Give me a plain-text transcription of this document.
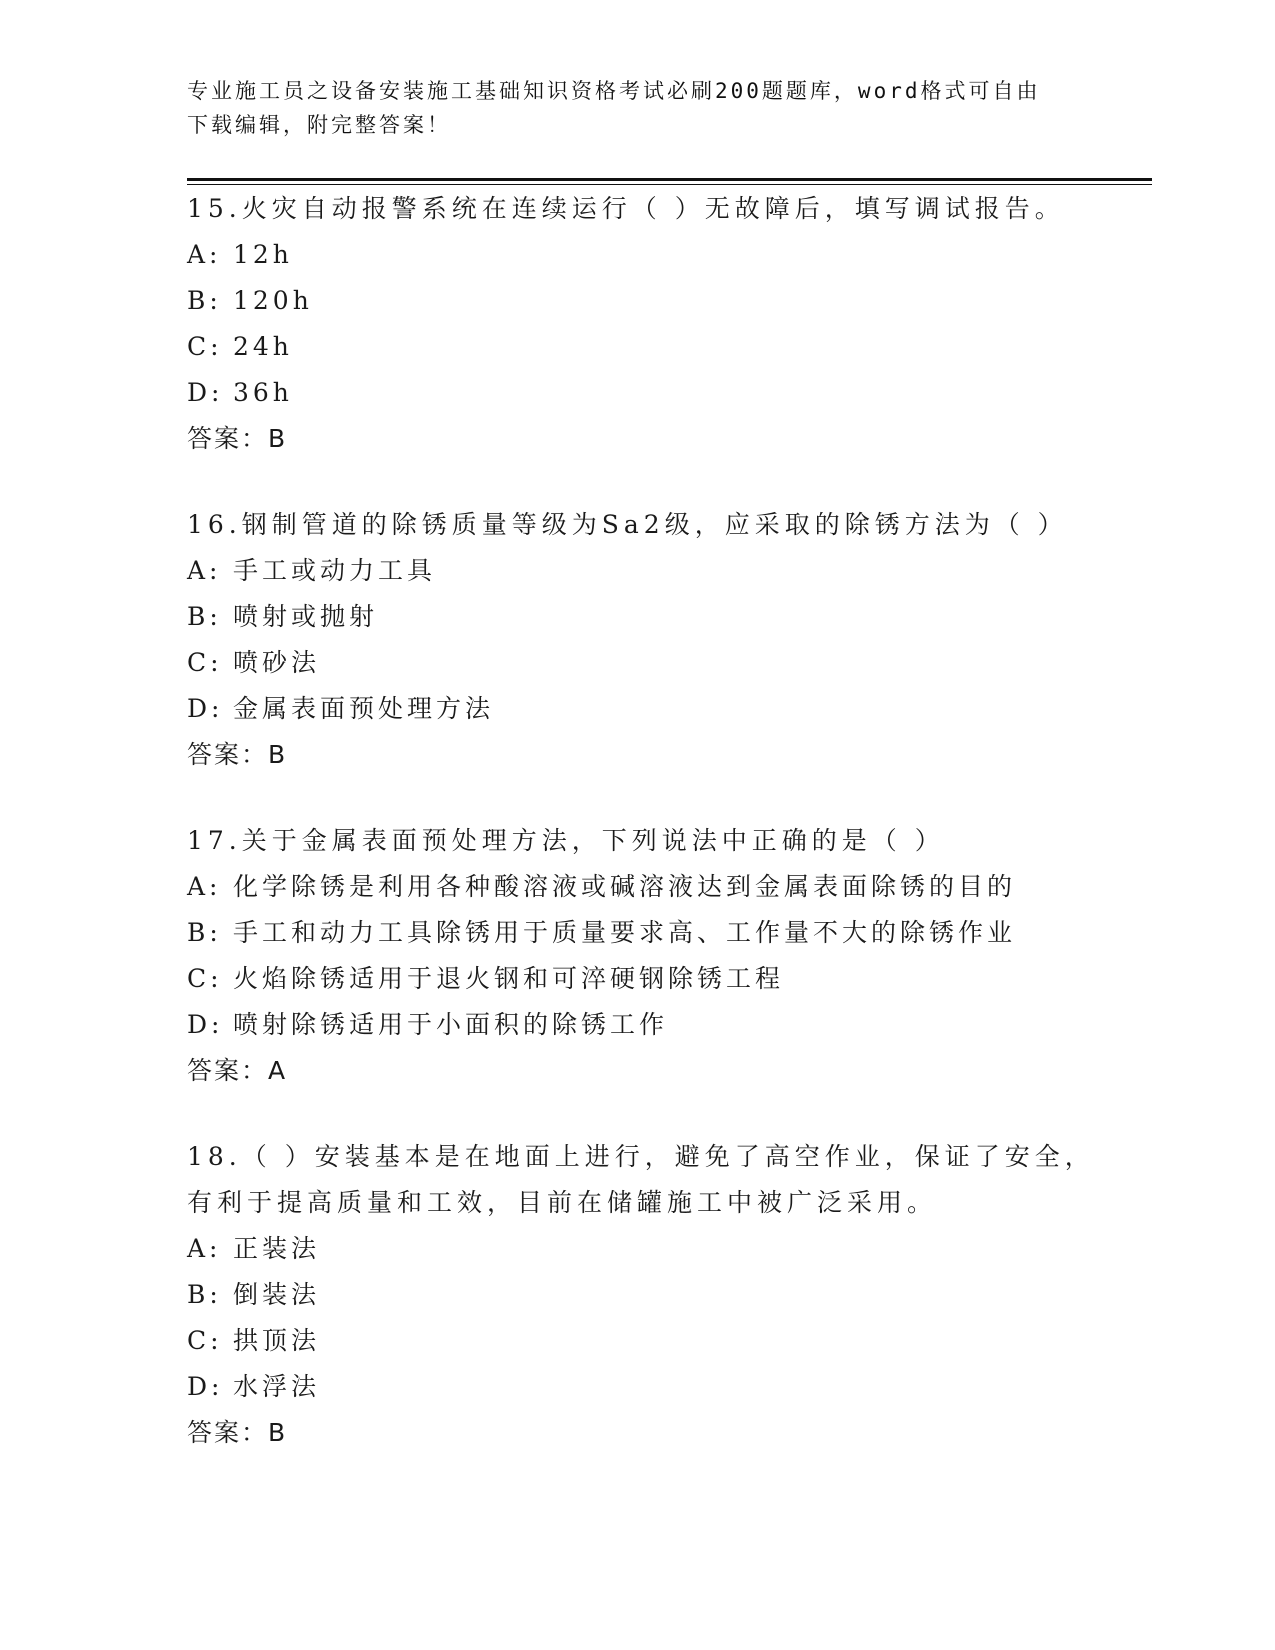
专业施工员之设备安装施工基础知识资格考试必刷200题题库，word格式可自由
下载编辑，附完整答案！

15.火灾自动报警系统在连续运行（ ）无故障后，填写调试报告。

A: 12h
B: 120h
C: 24h
D: 36h
答案：B

16.钢制管道的除锈质量等级为Sa2级，应采取的除锈方法为（ ）

A: 手工或动力工具
B: 喷射或抛射
C: 喷砂法
D: 金属表面预处理方法
答案：B

17.关于金属表面预处理方法，下列说法中正确的是（ ）

A: 化学除锈是利用各种酸溶液或碱溶液达到金属表面除锈的目的
B: 手工和动力工具除锈用于质量要求高、工作量不大的除锈作业
C: 火焰除锈适用于退火钢和可淬硬钢除锈工程
D: 喷射除锈适用于小面积的除锈工作
答案：A

18.（ ）安装基本是在地面上进行，避免了高空作业，保证了安全，有利于提高质量和工效，目前在储罐施工中被广泛采用。

A: 正装法
B: 倒装法
C: 拱顶法
D: 水浮法
答案：B
